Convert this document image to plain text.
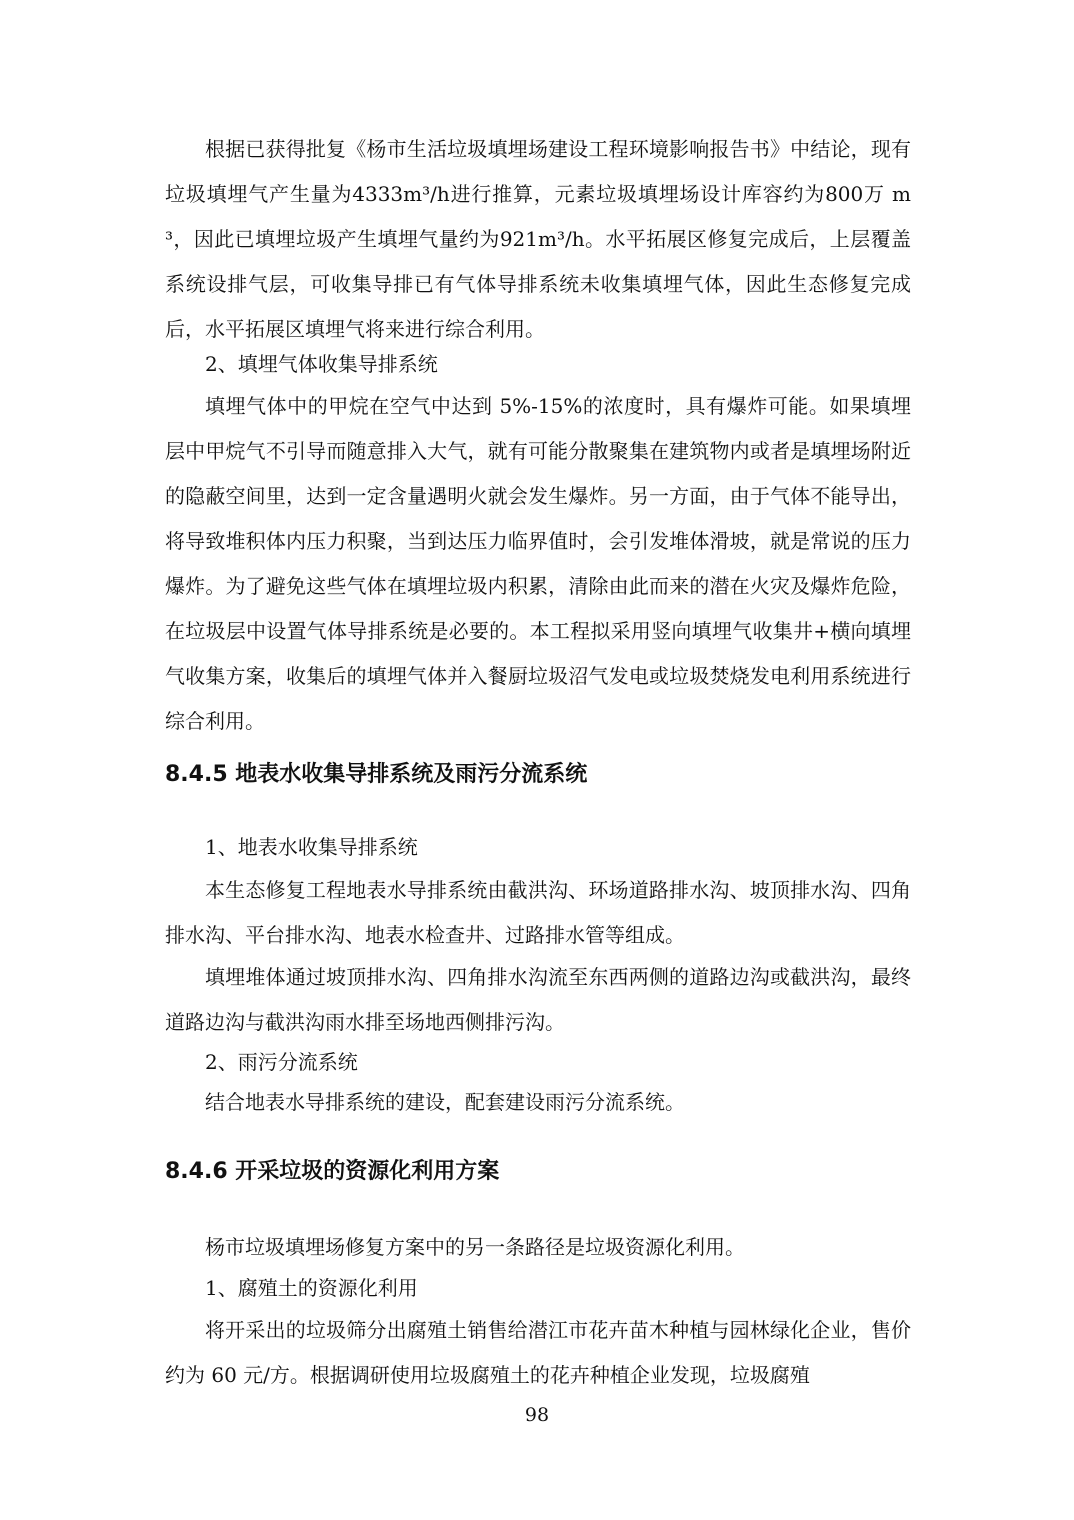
根据已获得批复《杨市生活垃圾填埋场建设工程环境影响报告书》中结论，现有垃圾填埋气产生量为4333m³/h进行推算，元素垃圾填埋场设计库容约为800万 m³，因此已填埋垃圾产生填埋气量约为921m³/h。水平拓展区修复完成后，上层覆盖系统设排气层，可收集导排已有气体导排系统未收集填埋气体，因此生态修复完成后，水平拓展区填埋气将来进行综合利用。

2、填埋气体收集导排系统

填埋气体中的甲烷在空气中达到 5%-15%的浓度时，具有爆炸可能。如果填埋层中甲烷气不引导而随意排入大气，就有可能分散聚集在建筑物内或者是填埋场附近的隐蔽空间里，达到一定含量遇明火就会发生爆炸。另一方面，由于气体不能导出，将导致堆积体内压力积聚，当到达压力临界值时，会引发堆体滑坡，就是常说的压力爆炸。为了避免这些气体在填埋垃圾内积累，清除由此而来的潜在火灾及爆炸危险，在垃圾层中设置气体导排系统是必要的。本工程拟采用竖向填埋气收集井+横向填埋气收集方案，收集后的填埋气体并入餐厨垃圾沼气发电或垃圾焚烧发电利用系统进行综合利用。

8.4.5 地表水收集导排系统及雨污分流系统

1、地表水收集导排系统

本生态修复工程地表水导排系统由截洪沟、环场道路排水沟、坡顶排水沟、四角排水沟、平台排水沟、地表水检查井、过路排水管等组成。

填埋堆体通过坡顶排水沟、四角排水沟流至东西两侧的道路边沟或截洪沟，最终道路边沟与截洪沟雨水排至场地西侧排污沟。

2、雨污分流系统

结合地表水导排系统的建设，配套建设雨污分流系统。

8.4.6 开采垃圾的资源化利用方案

杨市垃圾填埋场修复方案中的另一条路径是垃圾资源化利用。

1、腐殖土的资源化利用

将开采出的垃圾筛分出腐殖土销售给潜江市花卉苗木种植与园林绿化企业，售价约为 60 元/方。根据调研使用垃圾腐殖土的花卉种植企业发现，垃圾腐殖

98
